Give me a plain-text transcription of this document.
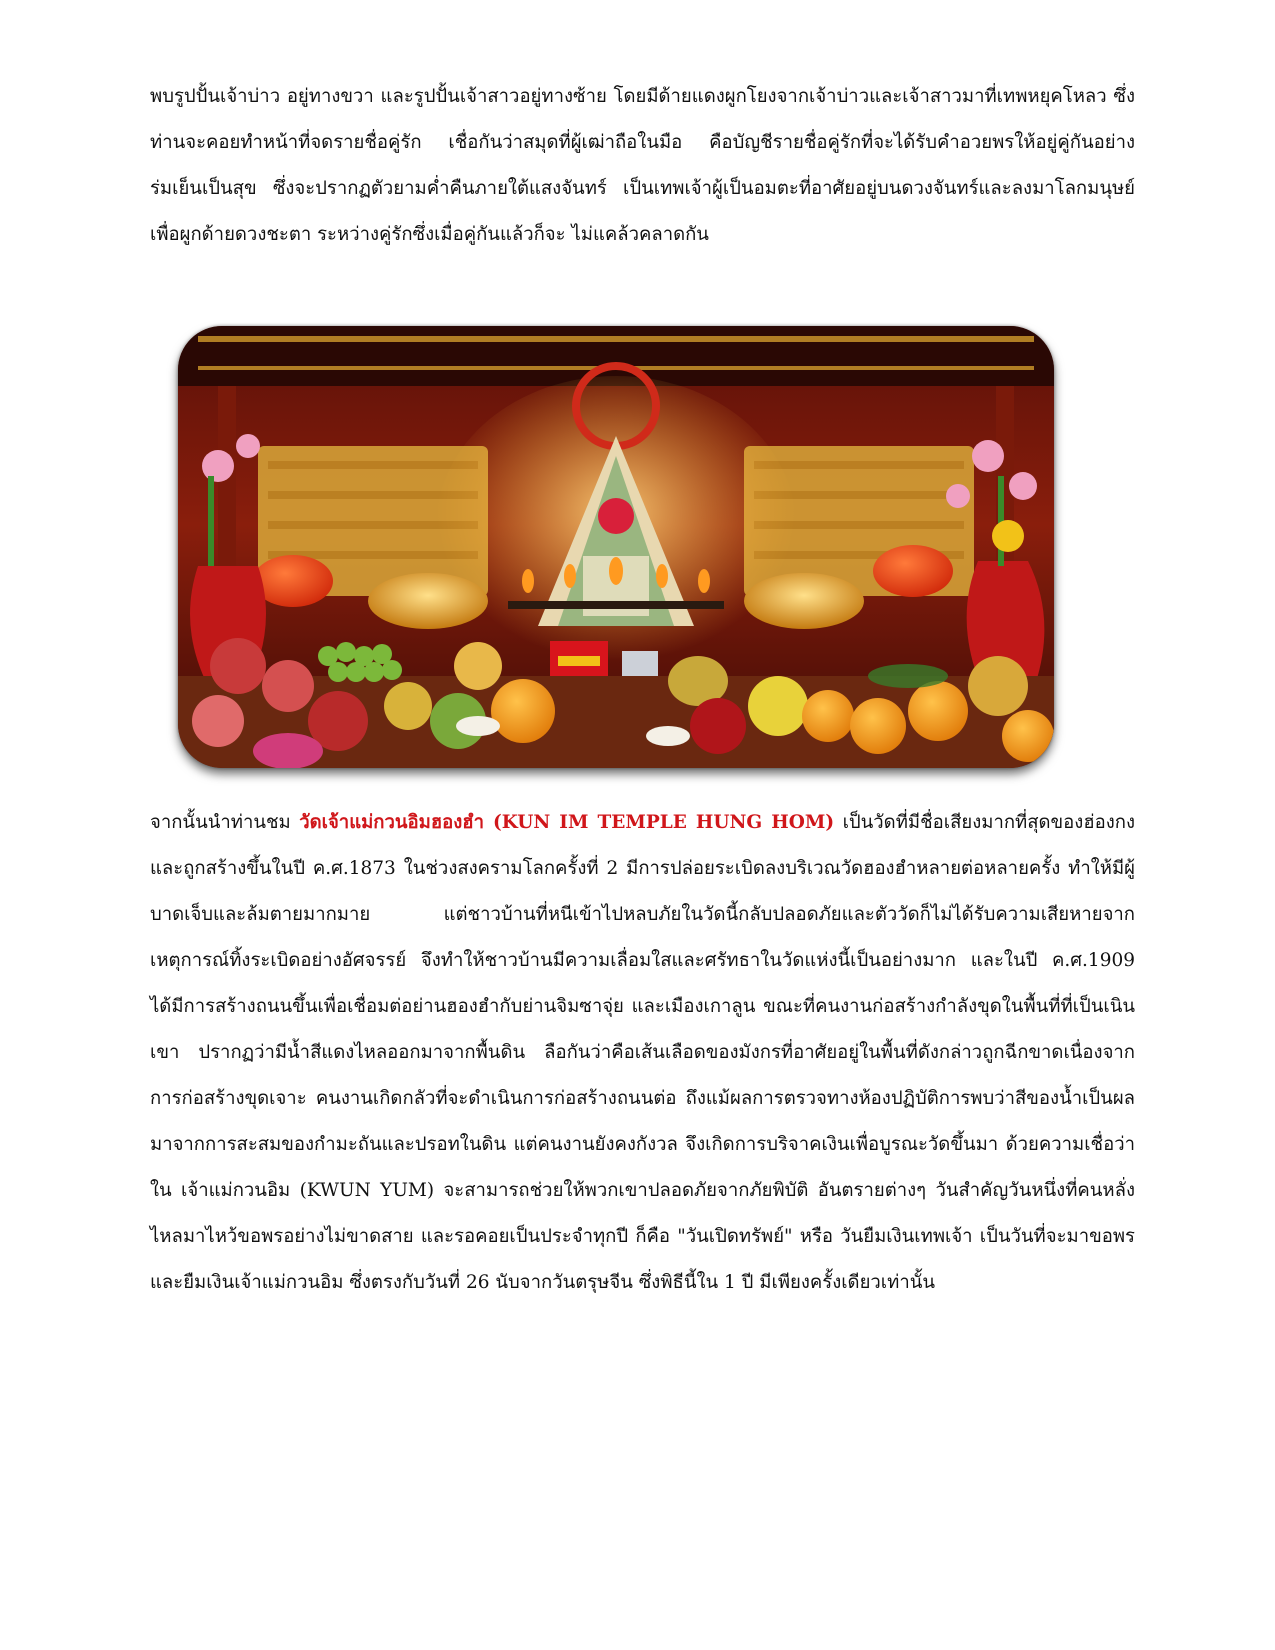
พบรูปปั้นเจ้าบ่าว อยู่ทางขวา และรูปปั้นเจ้าสาวอยู่ทางซ้าย โดยมีด้ายแดงผูกโยงจากเจ้าบ่าวและเจ้าสาวมาที่เทพหยุคโหลว ซึ่งท่านจะคอยทำหน้าที่จดรายชื่อคู่รัก เชื่อกันว่าสมุดที่ผู้เฒ่าถือในมือ คือบัญชีรายชื่อคู่รักที่จะได้รับคำอวยพรให้อยู่คู่กันอย่างร่มเย็นเป็นสุข ซึ่งจะปรากฏตัวยามค่ำคืนภายใต้แสงจันทร์ เป็นเทพเจ้าผู้เป็นอมตะที่อาศัยอยู่บนดวงจันทร์และลงมาโลกมนุษย์เพื่อผูกด้ายดวงชะตา ระหว่างคู่รักซึ่งเมื่อคู่กันแล้วก็จะ ไม่แคล้วคลาดกัน

จากนั้นนำท่านชม วัดเจ้าแม่กวนอิมฮองฮำ (KUN IM TEMPLE HUNG HOM) เป็นวัดที่มีชื่อเสียงมากที่สุดของฮ่องกง และถูกสร้างขึ้นในปี ค.ศ.1873 ในช่วงสงครามโลกครั้งที่ 2 มีการปล่อยระเบิดลงบริเวณวัดฮองฮำหลายต่อหลายครั้ง ทำให้มีผู้บาดเจ็บและล้มตายมากมาย แต่ชาวบ้านที่หนีเข้าไปหลบภัยในวัดนี้กลับปลอดภัยและตัววัดก็ไม่ได้รับความเสียหายจากเหตุการณ์ทิ้งระเบิดอย่างอัศจรรย์ จึงทำให้ชาวบ้านมีความเลื่อมใสและศรัทธาในวัดแห่งนี้เป็นอย่างมาก และในปี ค.ศ.1909 ได้มีการสร้างถนนขึ้นเพื่อเชื่อมต่อย่านฮองฮำกับย่านจิมซาจุ่ย และเมืองเกาลูน ขณะที่คนงานก่อสร้างกำลังขุดในพื้นที่ที่เป็นเนินเขา ปรากฏว่ามีน้ำสีแดงไหลออกมาจากพื้นดิน ลือกันว่าคือเส้นเลือดของมังกรที่อาศัยอยู่ในพื้นที่ดังกล่าวถูกฉีกขาดเนื่องจากการก่อสร้างขุดเจาะ คนงานเกิดกลัวที่จะดำเนินการก่อสร้างถนนต่อ ถึงแม้ผลการตรวจทางห้องปฏิบัติการพบว่าสีของน้ำเป็นผลมาจากการสะสมของกำมะถันและปรอทในดิน แต่คนงานยังคงกังวล จึงเกิดการบริจาคเงินเพื่อบูรณะวัดขึ้นมา ด้วยความเชื่อว่าใน เจ้าแม่กวนอิม (KWUN YUM) จะสามารถช่วยให้พวกเขาปลอดภัยจากภัยพิบัติ อันตรายต่างๆ วันสำคัญวันหนึ่งที่คนหลั่งไหลมาไหว้ขอพรอย่างไม่ขาดสาย และรอคอยเป็นประจำทุกปี ก็คือ "วันเปิดทรัพย์" หรือ วันยืมเงินเทพเจ้า เป็นวันที่จะมาขอพรและยืมเงินเจ้าแม่กวนอิม ซึ่งตรงกับวันที่ 26 นับจากวันตรุษจีน ซึ่งพิธีนี้ใน 1 ปี มีเพียงครั้งเดียวเท่านั้น
